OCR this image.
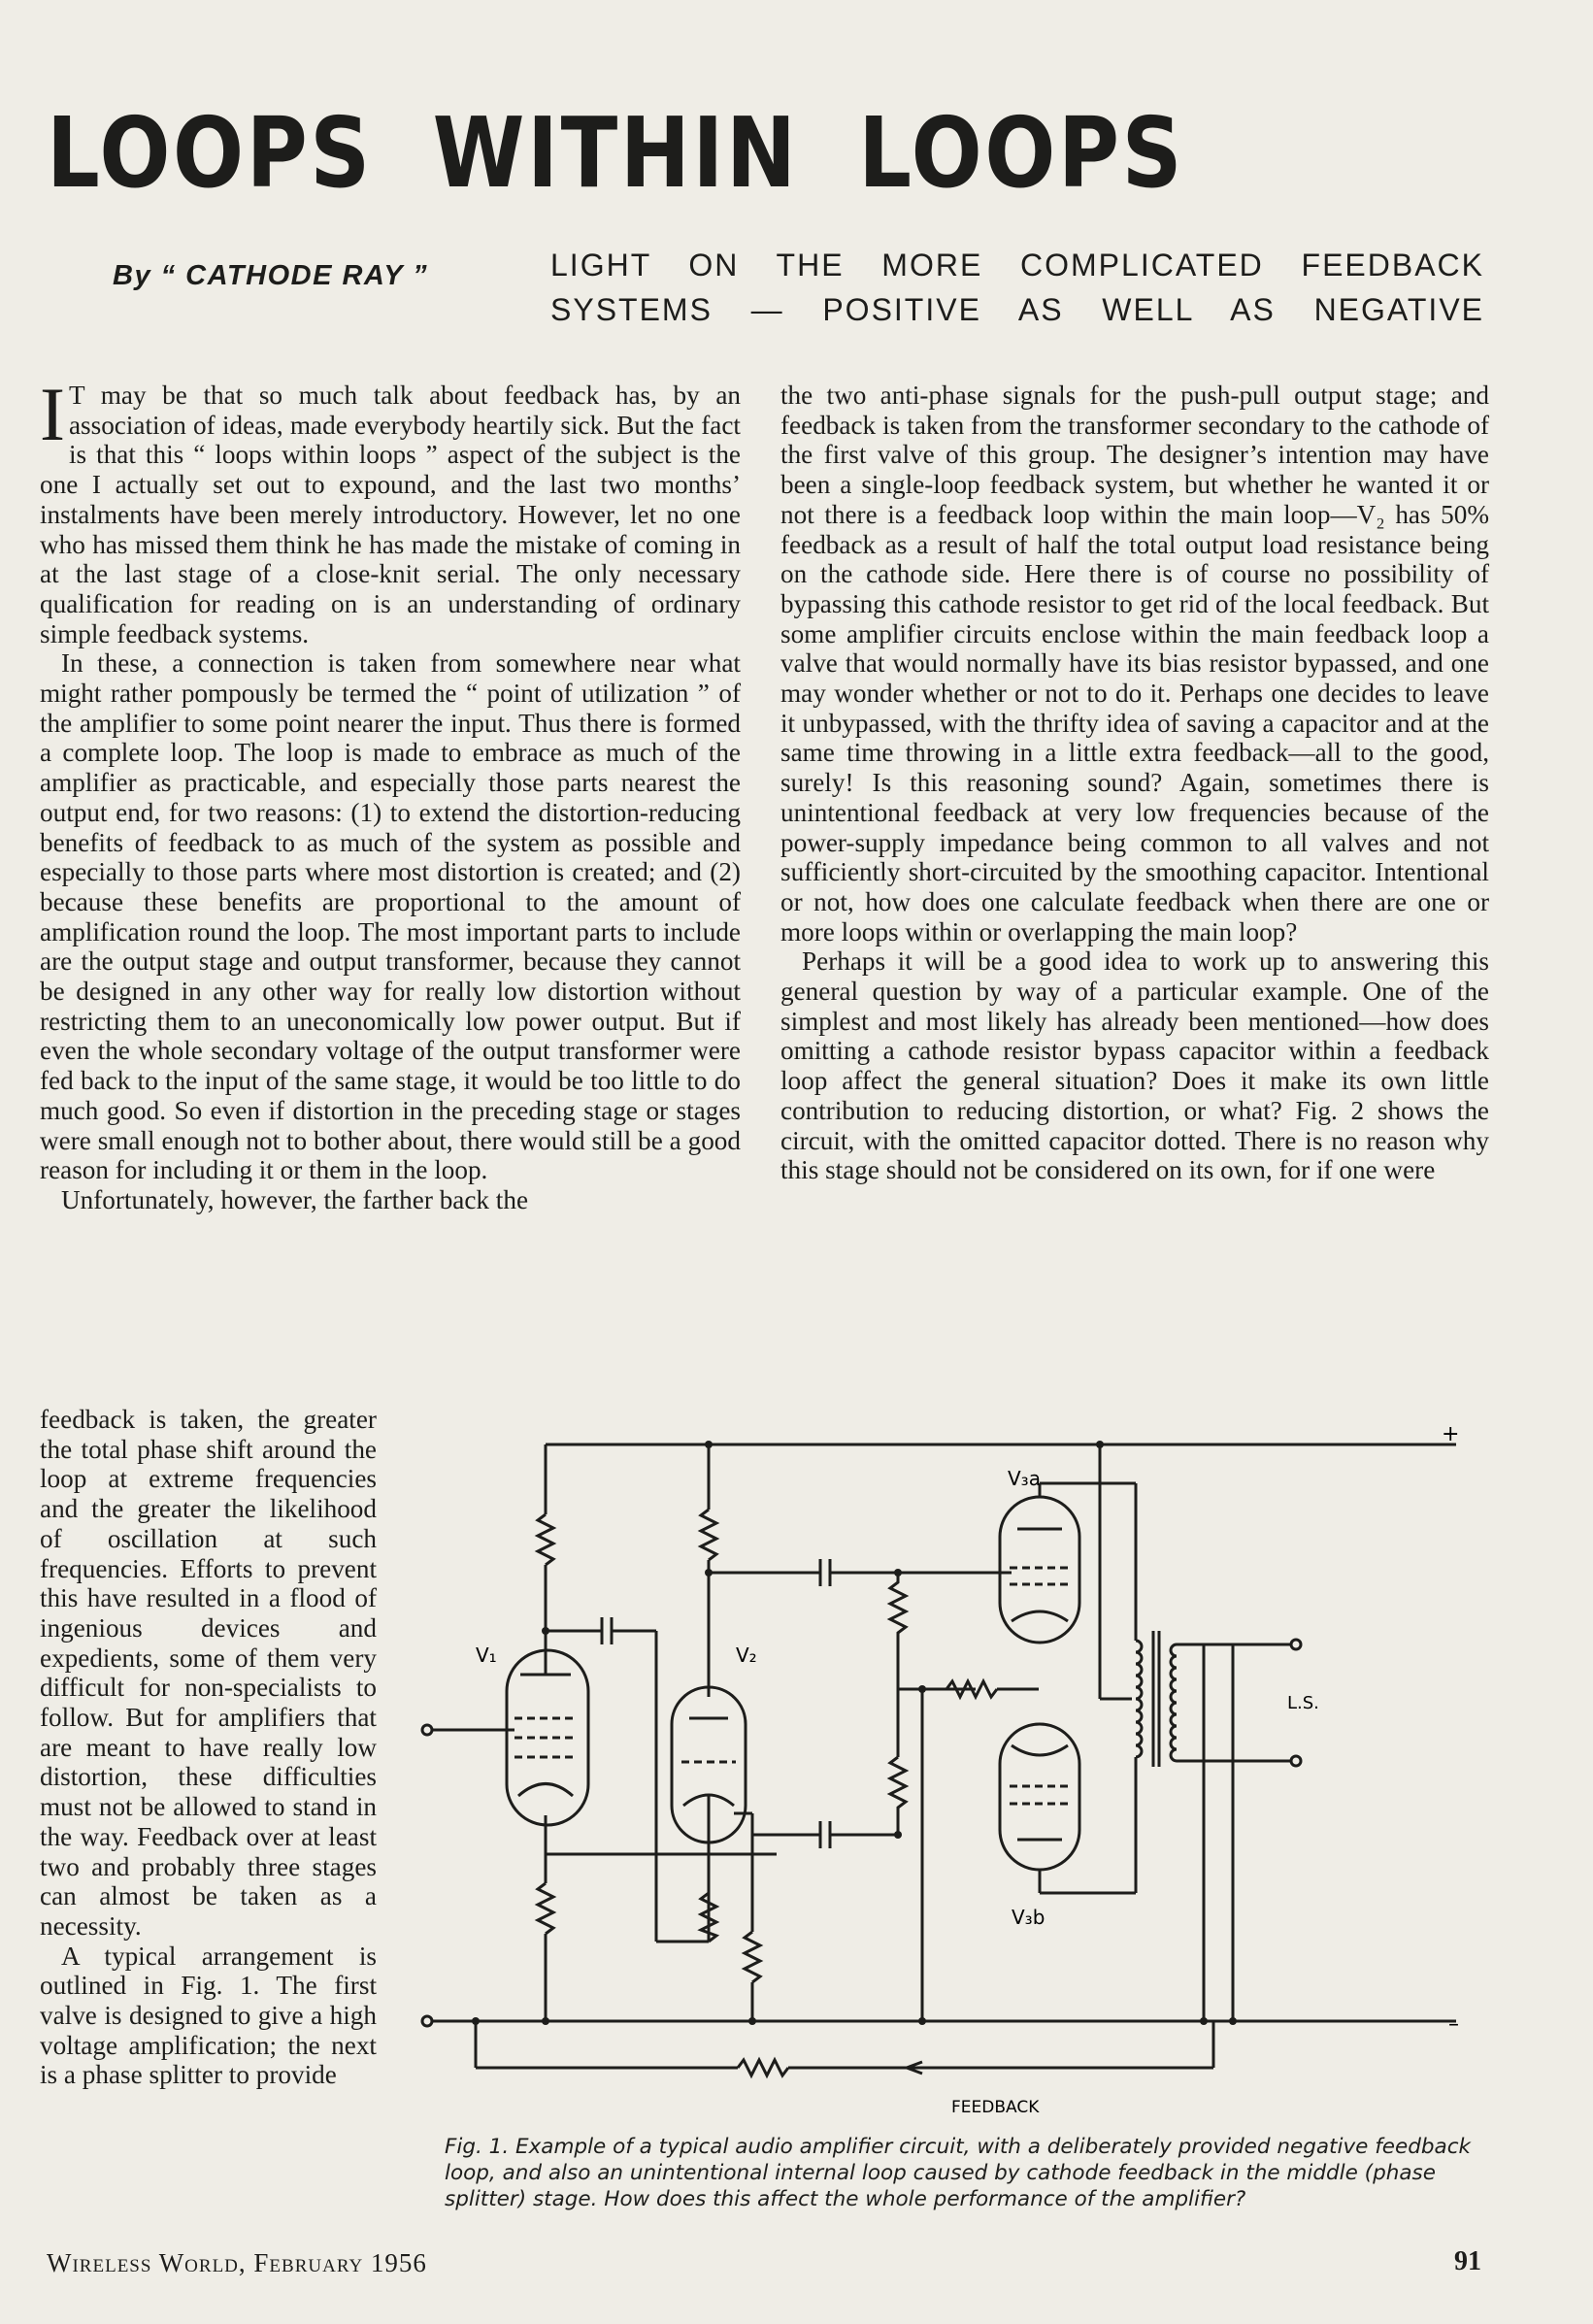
LOOPS WITHIN LOOPS
By “ CATHODE RAY ”	LIGHT ON THE MORE COMPLICATED FEEDBACK
SYSTEMS — POSITIVE AS WELL AS NEGATIVE

I T may be that so much talk about feedback has, by an association of ideas, made everybody heartily sick. But the fact is that this “ loops within loops ” aspect of the subject is the one I actually set out to expound, and the last two months’ instalments have been merely introductory. However, let no one who has missed them think he has made the mistake of coming in at the last stage of a close-knit serial. The only necessary qualification for reading on is an understanding of ordinary simple feedback systems.

In these, a connection is taken from somewhere near what might rather pompously be termed the “ point of utilization ” of the amplifier to some point nearer the input. Thus there is formed a complete loop. The loop is made to embrace as much of the amplifier as practicable, and especially those parts nearest the output end, for two reasons: (1) to extend the distortion-reducing benefits of feedback to as much of the system as possible and especially to those parts where most distortion is created; and (2) because these benefits are proportional to the amount of amplification round the loop. The most important parts to include are the output stage and output transformer, because they cannot be designed in any other way for really low distortion without restricting them to an uneconomically low power output. But if even the whole secondary voltage of the output transformer were fed back to the input of the same stage, it would be too little to do much good. So even if distortion in the preceding stage or stages were small enough not to bother about, there would still be a good reason for including it or them in the loop.

Unfortunately, however, the farther back the

feedback is taken, the greater the total phase shift around the loop at extreme frequencies and the greater the likelihood of oscillation at such frequencies. Efforts to prevent this have resulted in a flood of ingenious devices and expedients, some of them very difficult for non-specialists to follow. But for amplifiers that are meant to have really low distortion, these difficulties must not be allowed to stand in the way. Feedback over at least two and probably three stages can almost be taken as a necessity.

A typical arrangement is outlined in Fig. 1. The first valve is designed to give a high voltage amplification; the next is a phase splitter to provide

the two anti-phase signals for the push-pull output stage; and feedback is taken from the transformer secondary to the cathode of the first valve of this group. The designer’s intention may have been a single-loop feedback system, but whether he wanted it or not there is a feedback loop within the main loop—V₂ has 50% feedback as a result of half the total output load resistance being on the cathode side. Here there is of course no possibility of bypassing this cathode resistor to get rid of the local feedback. But some amplifier circuits enclose within the main feedback loop a valve that would normally have its bias resistor bypassed, and one may wonder whether or not to do it. Perhaps one decides to leave it unbypassed, with the thrifty idea of saving a capacitor and at the same time throwing in a little extra feedback—all to the good, surely! Is this reasoning sound? Again, sometimes there is unintentional feedback at very low frequencies because of the power-supply impedance being common to all valves and not sufficiently short-circuited by the smoothing capacitor. Intentional or not, how does one calculate feedback when there are one or more loops within or overlapping the main loop?

Perhaps it will be a good idea to work up to answering this general question by way of a particular example. One of the simplest and most likely has already been mentioned—how does omitting a cathode resistor bypass capacitor within a feedback loop affect the general situation? Does it make its own little contribution to reducing distortion, or what? Fig. 2 shows the circuit, with the omitted capacitor dotted. There is no reason why this stage should not be considered on its own, for if one were

+
–
V₁	V₂
V₃a
V₃b
L.S.
FEEDBACK
Fig. 1. Example of a typical audio amplifier circuit, with a deliberately provided negative feedback loop, and also an unintentional internal loop caused by cathode feedback in the middle (phase splitter) stage. How does this affect the whole performance of the amplifier?
Wireless World, February 1956	91
